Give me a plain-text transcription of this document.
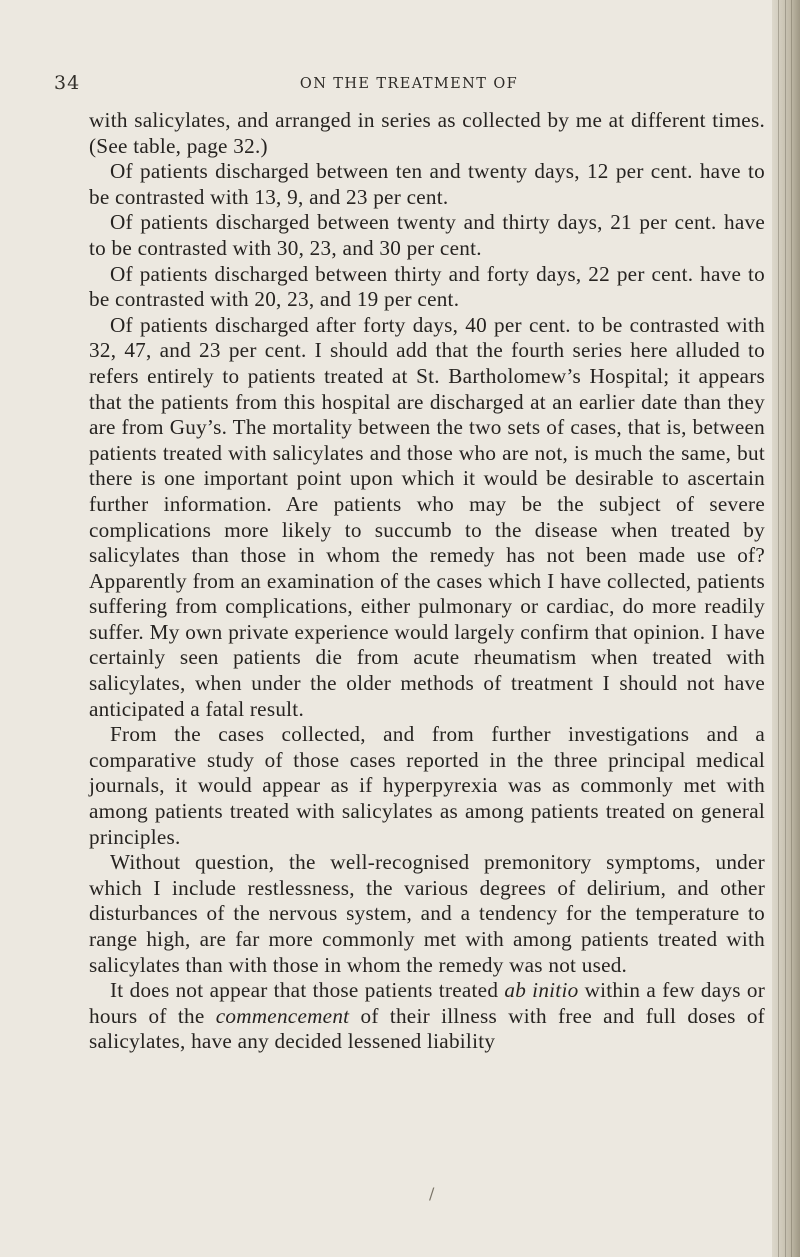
34	ON THE TREATMENT OF

with salicylates, and arranged in series as collected by me at different times. (See table, page 32.)

Of patients discharged between ten and twenty days, 12 per cent. have to be contrasted with 13, 9, and 23 per cent.

Of patients discharged between twenty and thirty days, 21 per cent. have to be contrasted with 30, 23, and 30 per cent.

Of patients discharged between thirty and forty days, 22 per cent. have to be contrasted with 20, 23, and 19 per cent.

Of patients discharged after forty days, 40 per cent. to be contrasted with 32, 47, and 23 per cent. I should add that the fourth series here alluded to refers entirely to patients treated at St. Bartholomew’s Hospital; it appears that the patients from this hospital are discharged at an earlier date than they are from Guy’s. The mortality between the two sets of cases, that is, between patients treated with salicylates and those who are not, is much the same, but there is one important point upon which it would be desirable to ascertain further information. Are patients who may be the subject of severe complications more likely to succumb to the disease when treated by salicylates than those in whom the remedy has not been made use of? Apparently from an examination of the cases which I have collected, patients suffering from complications, either pulmonary or cardiac, do more readily suffer. My own private experience would largely confirm that opinion. I have certainly seen patients die from acute rheumatism when treated with salicylates, when under the older methods of treatment I should not have anticipated a fatal result.

From the cases collected, and from further investigations and a comparative study of those cases reported in the three principal medical journals, it would appear as if hyperpyrexia was as commonly met with among patients treated with salicylates as among patients treated on general principles.

Without question, the well-recognised premonitory symptoms, under which I include restlessness, the various degrees of delirium, and other disturbances of the nervous system, and a tendency for the temperature to range high, are far more commonly met with among patients treated with salicylates than with those in whom the remedy was not used.

It does not appear that those patients treated ab initio within a few days or hours of the commencement of their illness with free and full doses of salicylates, have any decided lessened liability

/
